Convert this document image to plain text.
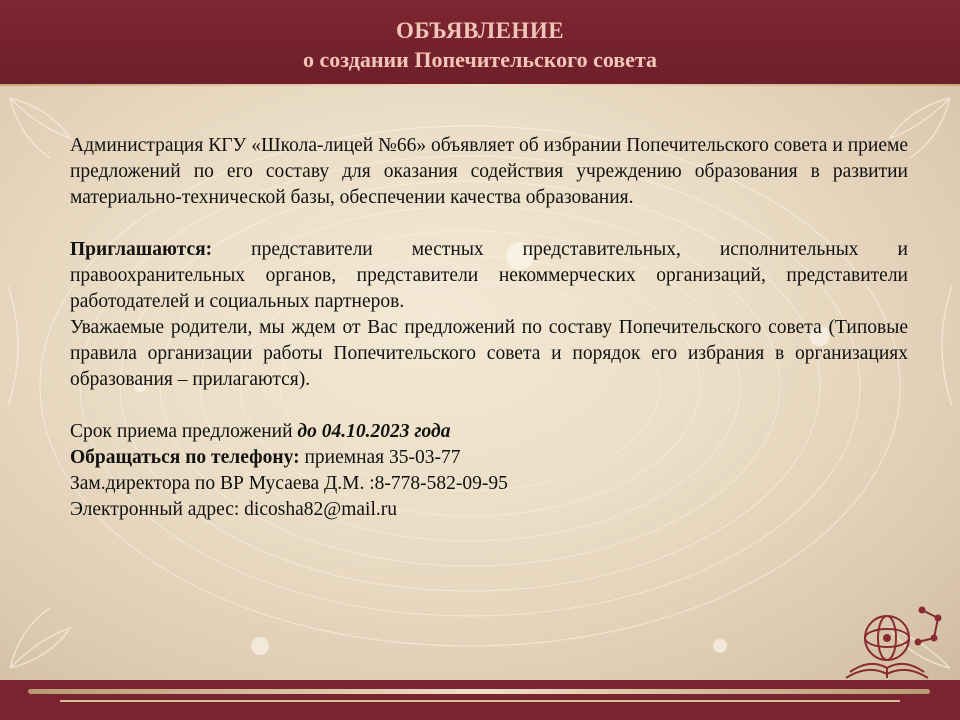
ОБЪЯВЛЕНИЕ
о создании Попечительского совета

Администрация КГУ «Школа-лицей №66» объявляет об избрании Попечительского совета и приеме предложений по его составу для оказания содействия учреждению образования в развитии материально-технической базы, обеспечении качества образования.

Приглашаются: представители местных представительных, исполнительных и правоохранительных органов, представители некоммерческих организаций, представители работодателей и социальных партнеров.

Уважаемые родители, мы ждем от Вас предложений по составу Попечительского совета (Типовые правила организации работы Попечительского совета и порядок его избрания в организациях образования – прилагаются).

Срок приема предложений до 04.10.2023 года

Обращаться по телефону: приемная 35-03-77

Зам.директора по ВР Мусаева Д.М. :8-778-582-09-95

Электронный адрес: dicosha82@mail.ru
